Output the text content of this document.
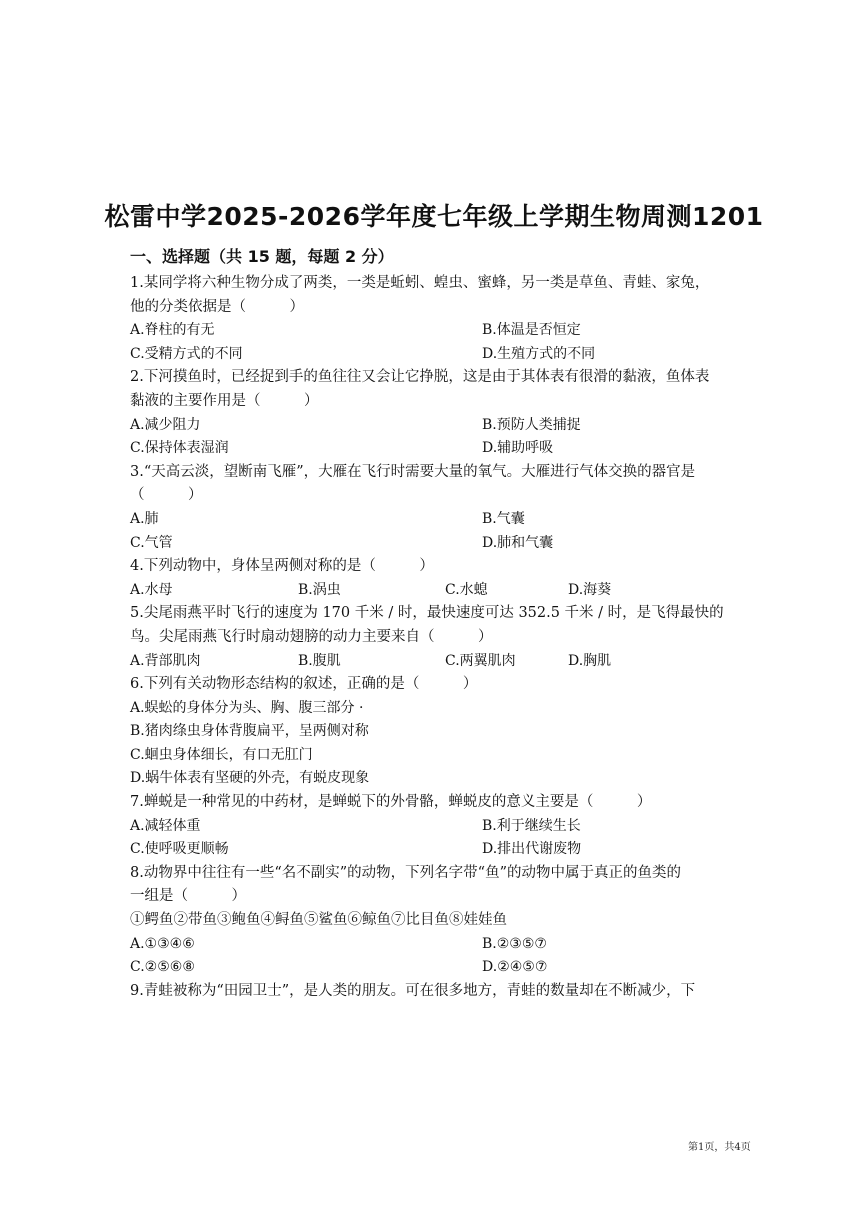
松雷中学2025-2026学年度七年级上学期生物周测1201
一、选择题（共 15 题，每题 2 分）
1.某同学将六种生物分成了两类，一类是蚯蚓、蝗虫、蜜蜂，另一类是草鱼、青蛙、家兔，
他的分类依据是（　　　）
A.脊柱的有无	B.体温是否恒定
C.受精方式的不同	D.生殖方式的不同
2.下河摸鱼时，已经捉到手的鱼往往又会让它挣脱，这是由于其体表有很滑的黏液，鱼体表
黏液的主要作用是（　　　）
A.减少阻力	B.预防人类捕捉
C.保持体表湿润	D.辅助呼吸
3.“天高云淡，望断南飞雁”，大雁在飞行时需要大量的氧气。大雁进行气体交换的器官是
（　　　）
A.肺	B.气囊
C.气管	D.肺和气囊
4.下列动物中，身体呈两侧对称的是（　　　）
A.水母	B.涡虫	C.水螅	D.海葵
5.尖尾雨燕平时飞行的速度为 170 千米 / 时，最快速度可达 352.5 千米 / 时，是飞得最快的
鸟。尖尾雨燕飞行时扇动翅膀的动力主要来自（　　　）
A.背部肌肉	B.腹肌	C.两翼肌肉	D.胸肌
6.下列有关动物形态结构的叙述，正确的是（　　　）
A.蜈蚣的身体分为头、胸、腹三部分 ·
B.猪肉绦虫身体背腹扁平，呈两侧对称
C.蛔虫身体细长，有口无肛门
D.蜗牛体表有坚硬的外壳，有蜕皮现象
7.蝉蜕是一种常见的中药材，是蝉蜕下的外骨骼，蝉蜕皮的意义主要是（　　　）
A.减轻体重	B.利于继续生长
C.使呼吸更顺畅	D.排出代谢废物
8.动物界中往往有一些“名不副实”的动物，下列名字带“鱼”的动物中属于真正的鱼类的
一组是（　　　）
①鳄鱼②带鱼③鲍鱼④鲟鱼⑤鲨鱼⑥鲸鱼⑦比目鱼⑧娃娃鱼
A.①③④⑥	B.②③⑤⑦
C.②⑤⑥⑧	D.②④⑤⑦
9.青蛙被称为“田园卫士”，是人类的朋友。可在很多地方，青蛙的数量却在不断减少，下
第1页，共4页
